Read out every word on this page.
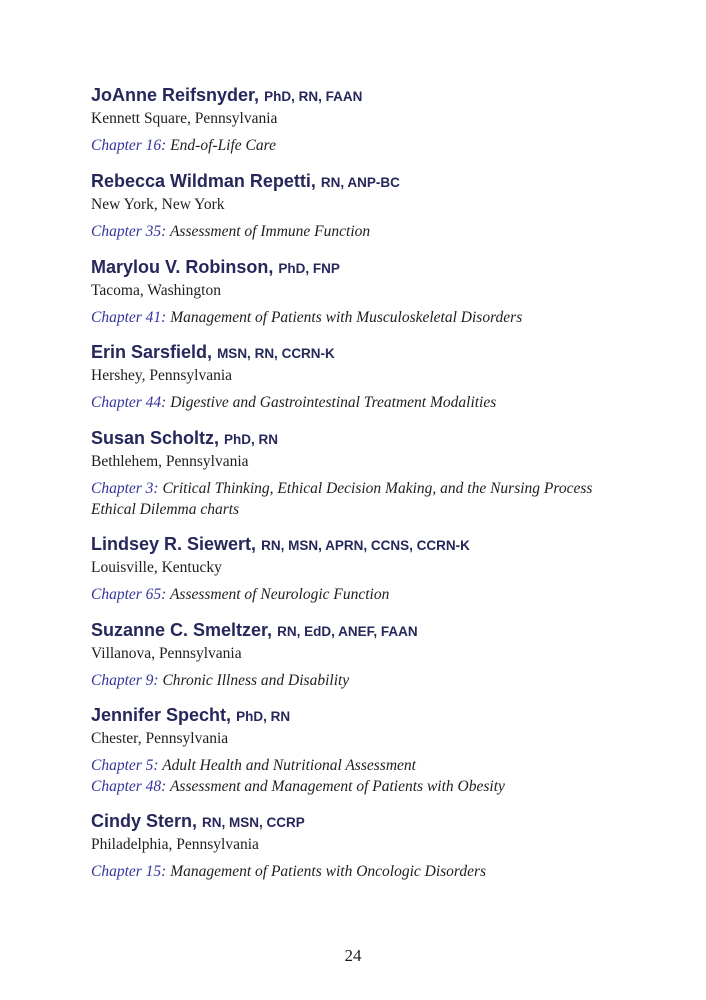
JoAnne Reifsnyder, PhD, RN, FAAN
Kennett Square, Pennsylvania
Chapter 16: End-of-Life Care
Rebecca Wildman Repetti, RN, ANP-BC
New York, New York
Chapter 35: Assessment of Immune Function
Marylou V. Robinson, PhD, FNP
Tacoma, Washington
Chapter 41: Management of Patients with Musculoskeletal Disorders
Erin Sarsfield, MSN, RN, CCRN-K
Hershey, Pennsylvania
Chapter 44: Digestive and Gastrointestinal Treatment Modalities
Susan Scholtz, PhD, RN
Bethlehem, Pennsylvania
Chapter 3: Critical Thinking, Ethical Decision Making, and the Nursing Process
Ethical Dilemma charts
Lindsey R. Siewert, RN, MSN, APRN, CCNS, CCRN-K
Louisville, Kentucky
Chapter 65: Assessment of Neurologic Function
Suzanne C. Smeltzer, RN, EdD, ANEF, FAAN
Villanova, Pennsylvania
Chapter 9: Chronic Illness and Disability
Jennifer Specht, PhD, RN
Chester, Pennsylvania
Chapter 5: Adult Health and Nutritional Assessment
Chapter 48: Assessment and Management of Patients with Obesity
Cindy Stern, RN, MSN, CCRP
Philadelphia, Pennsylvania
Chapter 15: Management of Patients with Oncologic Disorders
24
